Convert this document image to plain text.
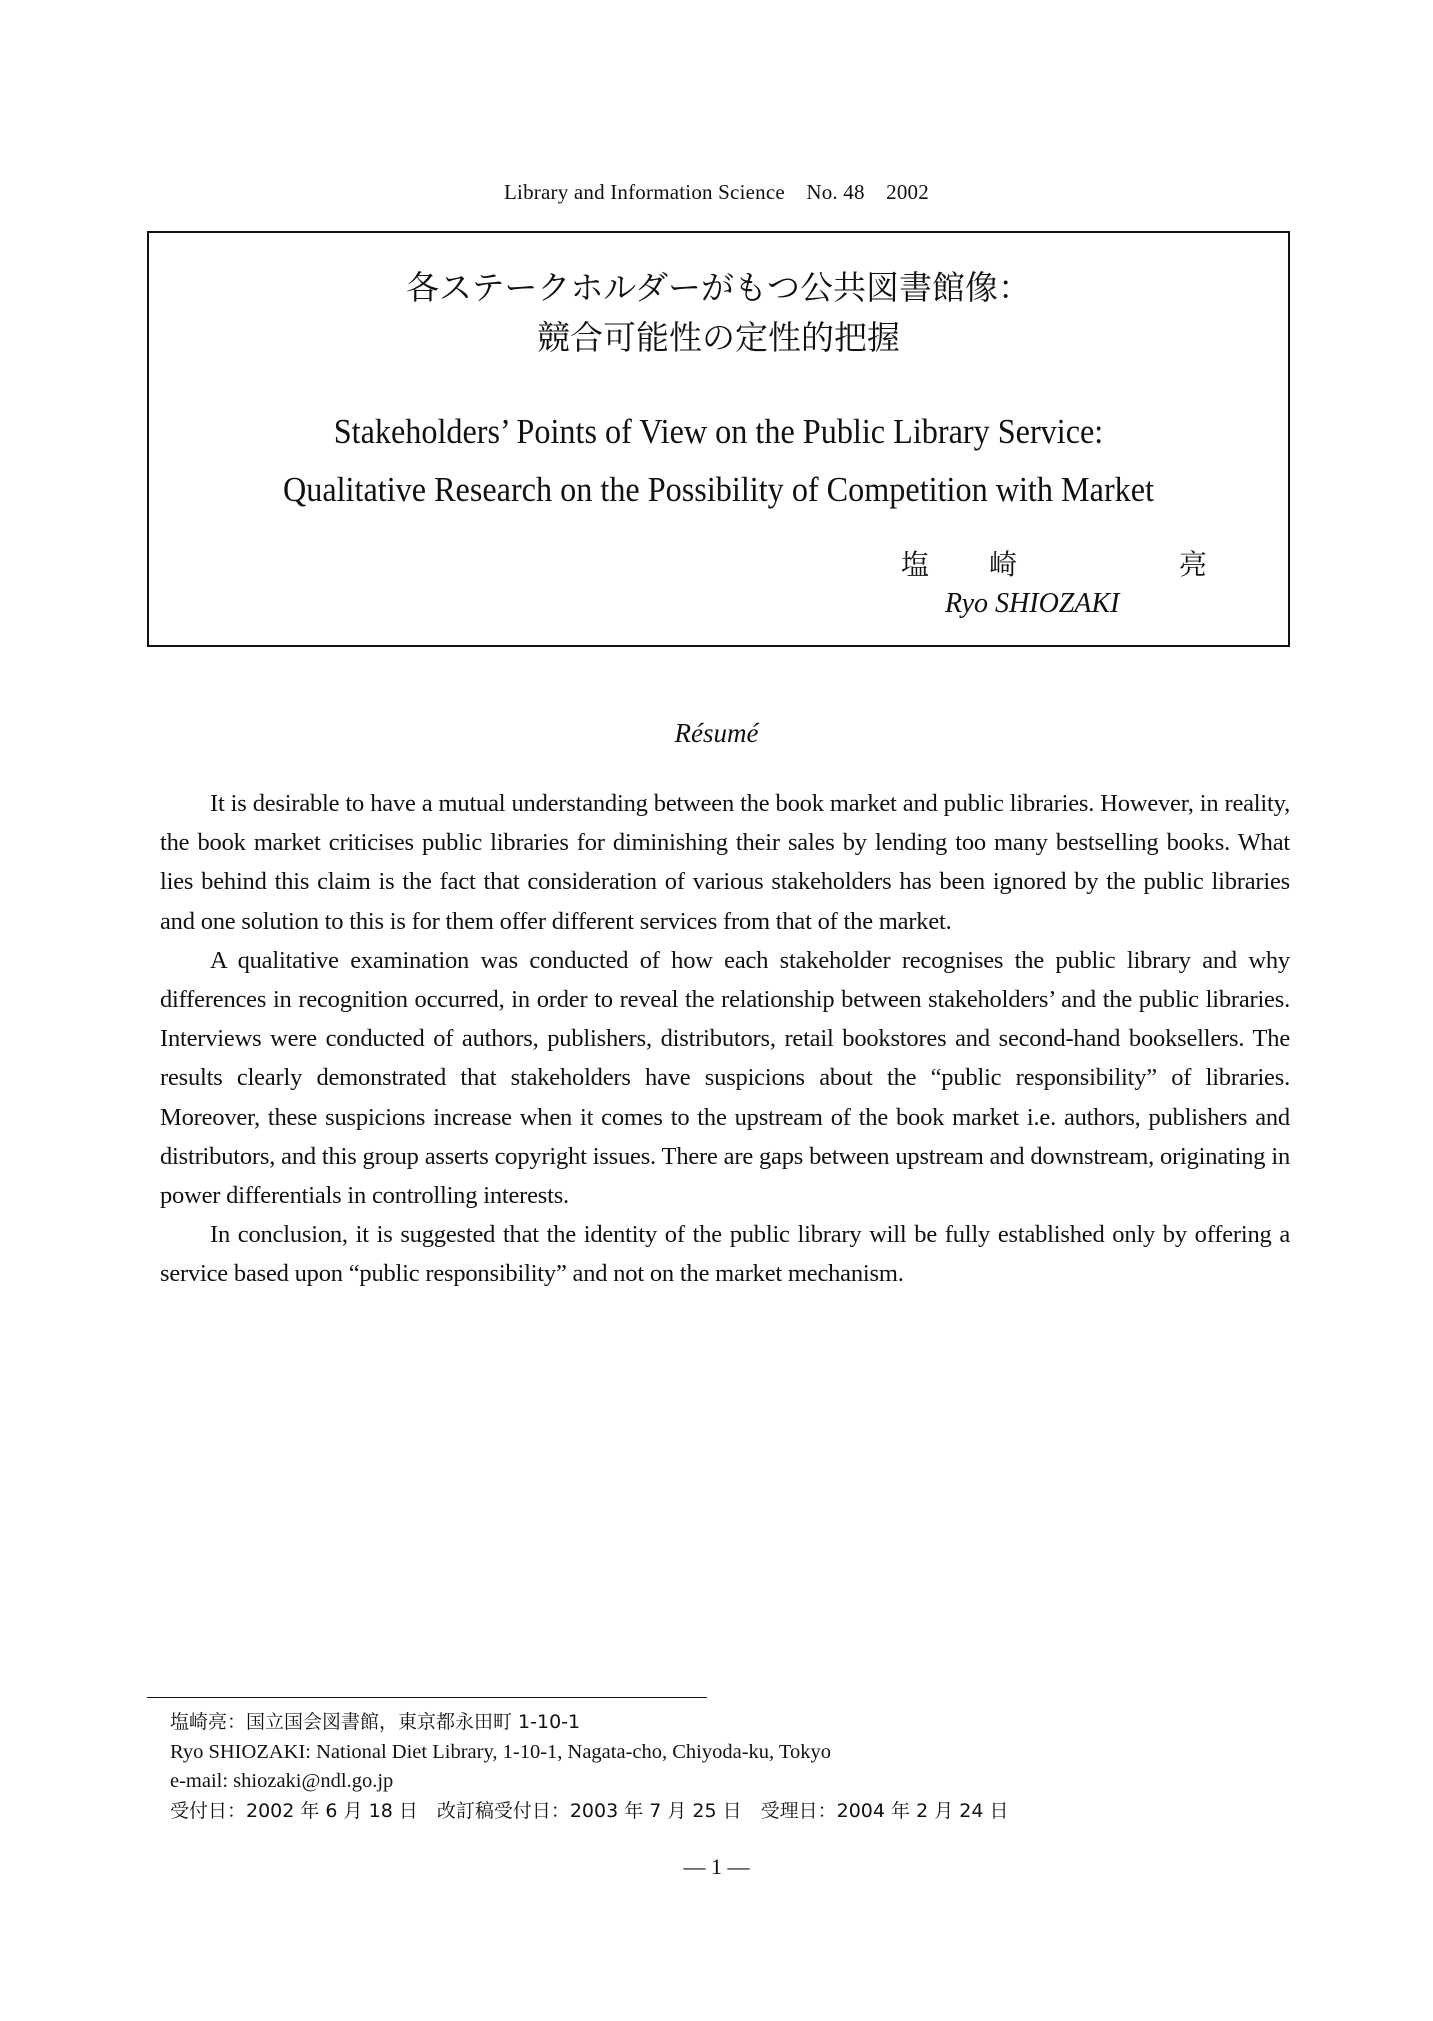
Library and Information Science No. 48 2002
各ステークホルダーがもつ公共図書館像：
競合可能性の定性的把握
Stakeholders’ Points of View on the Public Library Service:
Qualitative Research on the Possibility of Competition with Market
塩	崎	亮
Ryo SHIOZAKI
Résumé

It is desirable to have a mutual understanding between the book market and public libraries. However, in reality, the book market criticises public libraries for diminishing their sales by lending too many bestselling books. What lies behind this claim is the fact that consideration of various stakeholders has been ignored by the public libraries and one solution to this is for them offer different services from that of the market.

A qualitative examination was conducted of how each stakeholder recognises the public library and why differences in recognition occurred, in order to reveal the relationship between stakeholders’ and the public libraries. Interviews were conducted of authors, publishers, distributors, retail bookstores and second-hand booksellers. The results clearly demonstrated that stakeholders have suspicions about the “public responsibility” of libraries. Moreover, these suspicions increase when it comes to the upstream of the book market i.e. authors, publishers and distributors, and this group asserts copyright issues. There are gaps between upstream and downstream, originating in power differentials in controlling interests.

In conclusion, it is suggested that the identity of the public library will be fully established only by offering a service based upon “public responsibility” and not on the market mechanism.

塩崎亮：国立国会図書館，東京都永田町 1-10-1
Ryo SHIOZAKI: National Diet Library, 1-10-1, Nagata-cho, Chiyoda-ku, Tokyo
e-mail: shiozaki@ndl.go.jp
受付日：2002 年 6 月 18 日　改訂稿受付日：2003 年 7 月 25 日　受理日：2004 年 2 月 24 日
— 1 —
